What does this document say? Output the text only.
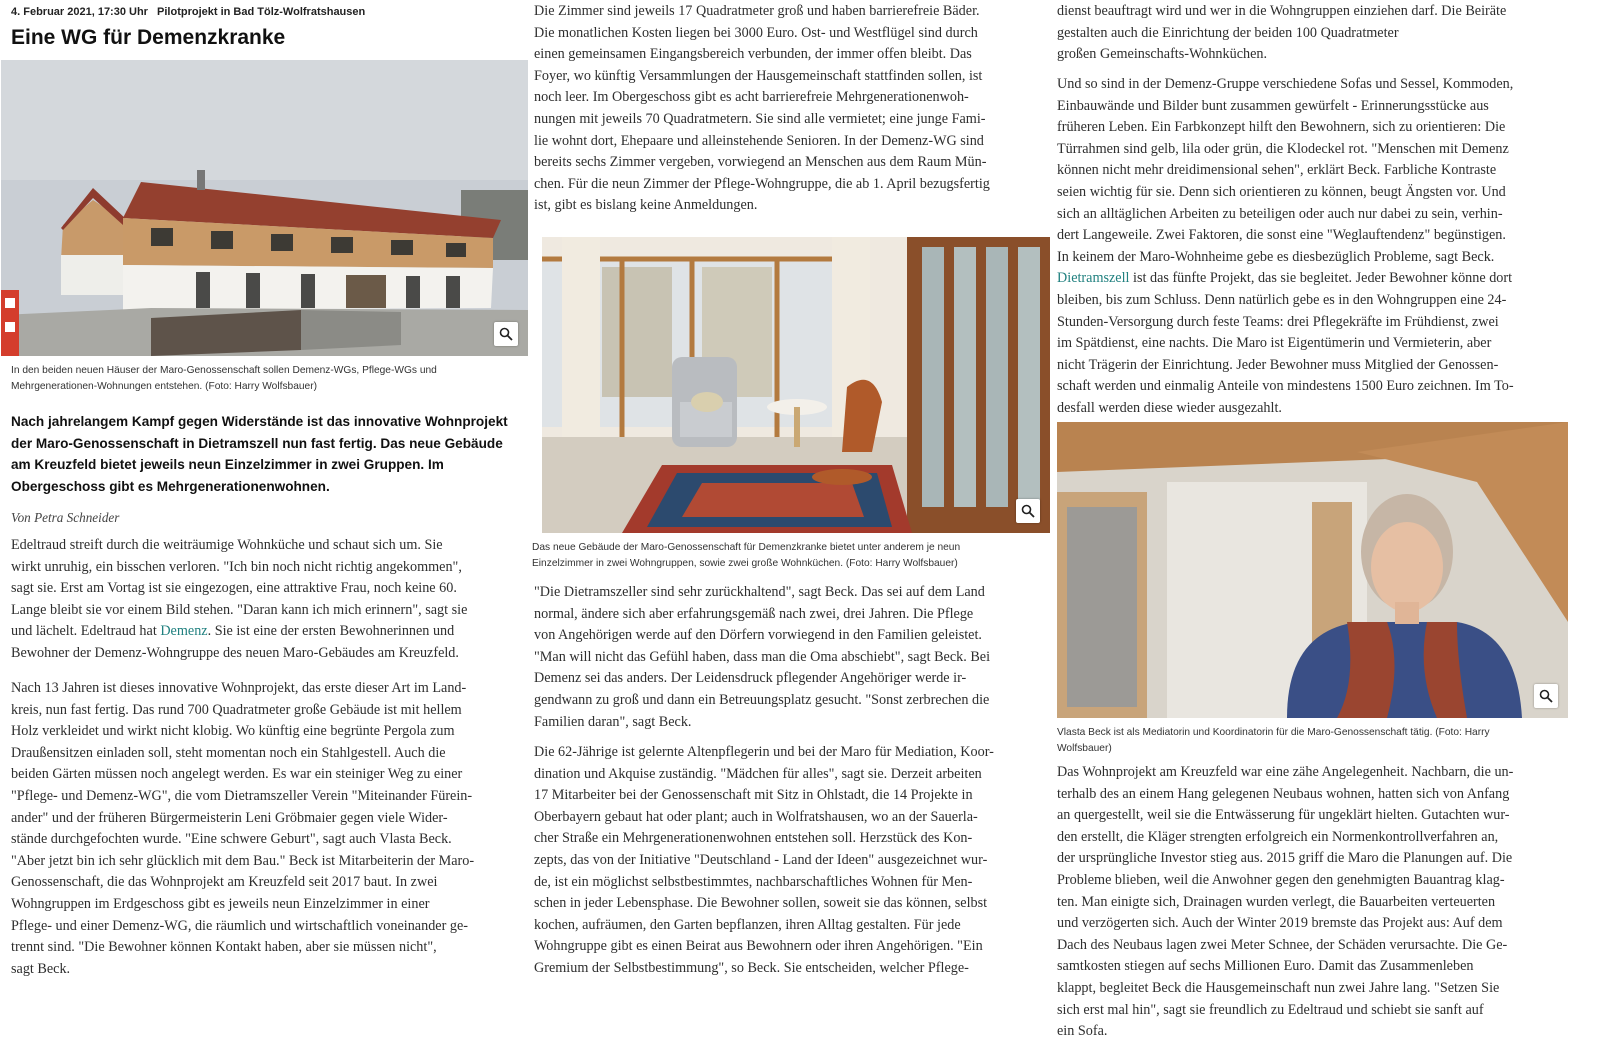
4. Februar 2021, 17:30 Uhr Pilotprojekt in Bad Tölz-Wolfratshausen
Eine WG für Demenzkranke
In den beiden neuen Häuser der Maro-Genossenschaft sollen Demenz-WGs, Pflege-WGs und
Mehrgenerationen-Wohnungen entstehen. (Foto: Harry Wolfsbauer)
Nach jahrelangem Kampf gegen Widerstände ist das innovative Wohnprojekt
der Maro-Genossenschaft in Dietramszell nun fast fertig. Das neue Gebäude
am Kreuzfeld bietet jeweils neun Einzelzimmer in zwei Gruppen. Im
Obergeschoss gibt es Mehrgenerationenwohnen.
Von Petra Schneider
Edeltraud streift durch die weiträumige Wohnküche und schaut sich um. Sie
wirkt unruhig, ein bisschen verloren. "Ich bin noch nicht richtig angekommen",
sagt sie. Erst am Vortag ist sie eingezogen, eine attraktive Frau, noch keine 60.
Lange bleibt sie vor einem Bild stehen. "Daran kann ich mich erinnern", sagt sie
und lächelt. Edeltraud hat Demenz. Sie ist eine der ersten Bewohnerinnen und
Bewohner der Demenz-Wohngruppe des neuen Maro-Gebäudes am Kreuzfeld.
Nach 13 Jahren ist dieses innovative Wohnprojekt, das erste dieser Art im Land-
kreis, nun fast fertig. Das rund 700 Quadratmeter große Gebäude ist mit hellem
Holz verkleidet und wirkt nicht klobig. Wo künftig eine begrünte Pergola zum
Draußensitzen einladen soll, steht momentan noch ein Stahlgestell. Auch die
beiden Gärten müssen noch angelegt werden. Es war ein steiniger Weg zu einer
"Pflege- und Demenz-WG", die vom Dietramszeller Verein "Miteinander Fürein-
ander" und der früheren Bürgermeisterin Leni Gröbmaier gegen viele Wider-
stände durchgefochten wurde. "Eine schwere Geburt", sagt auch Vlasta Beck.
"Aber jetzt bin ich sehr glücklich mit dem Bau." Beck ist Mitarbeiterin der Maro-
Genossenschaft, die das Wohnprojekt am Kreuzfeld seit 2017 baut. In zwei
Wohngruppen im Erdgeschoss gibt es jeweils neun Einzelzimmer in einer
Pflege- und einer Demenz-WG, die räumlich und wirtschaftlich voneinander ge-
trennt sind. "Die Bewohner können Kontakt haben, aber sie müssen nicht",
sagt Beck.
Die Zimmer sind jeweils 17 Quadratmeter groß und haben barrierefreie Bäder.
Die monatlichen Kosten liegen bei 3000 Euro. Ost- und Westflügel sind durch
einen gemeinsamen Eingangsbereich verbunden, der immer offen bleibt. Das
Foyer, wo künftig Versammlungen der Hausgemeinschaft stattfinden sollen, ist
noch leer. Im Obergeschoss gibt es acht barrierefreie Mehrgenerationenwoh-
nungen mit jeweils 70 Quadratmetern. Sie sind alle vermietet; eine junge Fami-
lie wohnt dort, Ehepaare und alleinstehende Senioren. In der Demenz-WG sind
bereits sechs Zimmer vergeben, vorwiegend an Menschen aus dem Raum Mün-
chen. Für die neun Zimmer der Pflege-Wohngruppe, die ab 1. April bezugsfertig
ist, gibt es bislang keine Anmeldungen.
Das neue Gebäude der Maro-Genossenschaft für Demenzkranke bietet unter anderem je neun
Einzelzimmer in zwei Wohngruppen, sowie zwei große Wohnküchen. (Foto: Harry Wolfsbauer)
"Die Dietramszeller sind sehr zurückhaltend", sagt Beck. Das sei auf dem Land
normal, ändere sich aber erfahrungsgemäß nach zwei, drei Jahren. Die Pflege
von Angehörigen werde auf den Dörfern vorwiegend in den Familien geleistet.
"Man will nicht das Gefühl haben, dass man die Oma abschiebt", sagt Beck. Bei
Demenz sei das anders. Der Leidensdruck pflegender Angehöriger werde ir-
gendwann zu groß und dann ein Betreuungsplatz gesucht. "Sonst zerbrechen die
Familien daran", sagt Beck.
Die 62-Jährige ist gelernte Altenpflegerin und bei der Maro für Mediation, Koor-
dination und Akquise zuständig. "Mädchen für alles", sagt sie. Derzeit arbeiten
17 Mitarbeiter bei der Genossenschaft mit Sitz in Ohlstadt, die 14 Projekte in
Oberbayern gebaut hat oder plant; auch in Wolfratshausen, wo an der Sauerla-
cher Straße ein Mehrgenerationenwohnen entstehen soll. Herzstück des Kon-
zepts, das von der Initiative "Deutschland - Land der Ideen" ausgezeichnet wur-
de, ist ein möglichst selbstbestimmtes, nachbarschaftliches Wohnen für Men-
schen in jeder Lebensphase. Die Bewohner sollen, soweit sie das können, selbst
kochen, aufräumen, den Garten bepflanzen, ihren Alltag gestalten. Für jede
Wohngruppe gibt es einen Beirat aus Bewohnern oder ihren Angehörigen. "Ein
Gremium der Selbstbestimmung", so Beck. Sie entscheiden, welcher Pflege-
dienst beauftragt wird und wer in die Wohngruppen einziehen darf. Die Beiräte
gestalten auch die Einrichtung der beiden 100 Quadratmeter
großen Gemeinschafts-Wohnküchen.
Und so sind in der Demenz-Gruppe verschiedene Sofas und Sessel, Kommoden,
Einbauwände und Bilder bunt zusammen gewürfelt - Erinnerungsstücke aus
früheren Leben. Ein Farbkonzept hilft den Bewohnern, sich zu orientieren: Die
Türrahmen sind gelb, lila oder grün, die Klodeckel rot. "Menschen mit Demenz
können nicht mehr dreidimensional sehen", erklärt Beck. Farbliche Kontraste
seien wichtig für sie. Denn sich orientieren zu können, beugt Ängsten vor. Und
sich an alltäglichen Arbeiten zu beteiligen oder auch nur dabei zu sein, verhin-
dert Langeweile. Zwei Faktoren, die sonst eine "Weglauftendenz" begünstigen.
In keinem der Maro-Wohnheime gebe es diesbezüglich Probleme, sagt Beck.
Dietramszell ist das fünfte Projekt, das sie begleitet. Jeder Bewohner könne dort
bleiben, bis zum Schluss. Denn natürlich gebe es in den Wohngruppen eine 24-
Stunden-Versorgung durch feste Teams: drei Pflegekräfte im Frühdienst, zwei
im Spätdienst, eine nachts. Die Maro ist Eigentümerin und Vermieterin, aber
nicht Trägerin der Einrichtung. Jeder Bewohner muss Mitglied der Genossen-
schaft werden und einmalig Anteile von mindestens 1500 Euro zeichnen. Im To-
desfall werden diese wieder ausgezahlt.
Vlasta Beck ist als Mediatorin und Koordinatorin für die Maro-Genossenschaft tätig. (Foto: Harry
Wolfsbauer)
Das Wohnprojekt am Kreuzfeld war eine zähe Angelegenheit. Nachbarn, die un-
terhalb des an einem Hang gelegenen Neubaus wohnen, hatten sich von Anfang
an quergestellt, weil sie die Entwässerung für ungeklärt hielten. Gutachten wur-
den erstellt, die Kläger strengten erfolgreich ein Normenkontrollverfahren an,
der ursprüngliche Investor stieg aus. 2015 griff die Maro die Planungen auf. Die
Probleme blieben, weil die Anwohner gegen den genehmigten Bauantrag klag-
ten. Man einigte sich, Drainagen wurden verlegt, die Bauarbeiten verteuerten
und verzögerten sich. Auch der Winter 2019 bremste das Projekt aus: Auf dem
Dach des Neubaus lagen zwei Meter Schnee, der Schäden verursachte. Die Ge-
samtkosten stiegen auf sechs Millionen Euro. Damit das Zusammenleben
klappt, begleitet Beck die Hausgemeinschaft nun zwei Jahre lang. "Setzen Sie
sich erst mal hin", sagt sie freundlich zu Edeltraud und schiebt sie sanft auf
ein Sofa.
